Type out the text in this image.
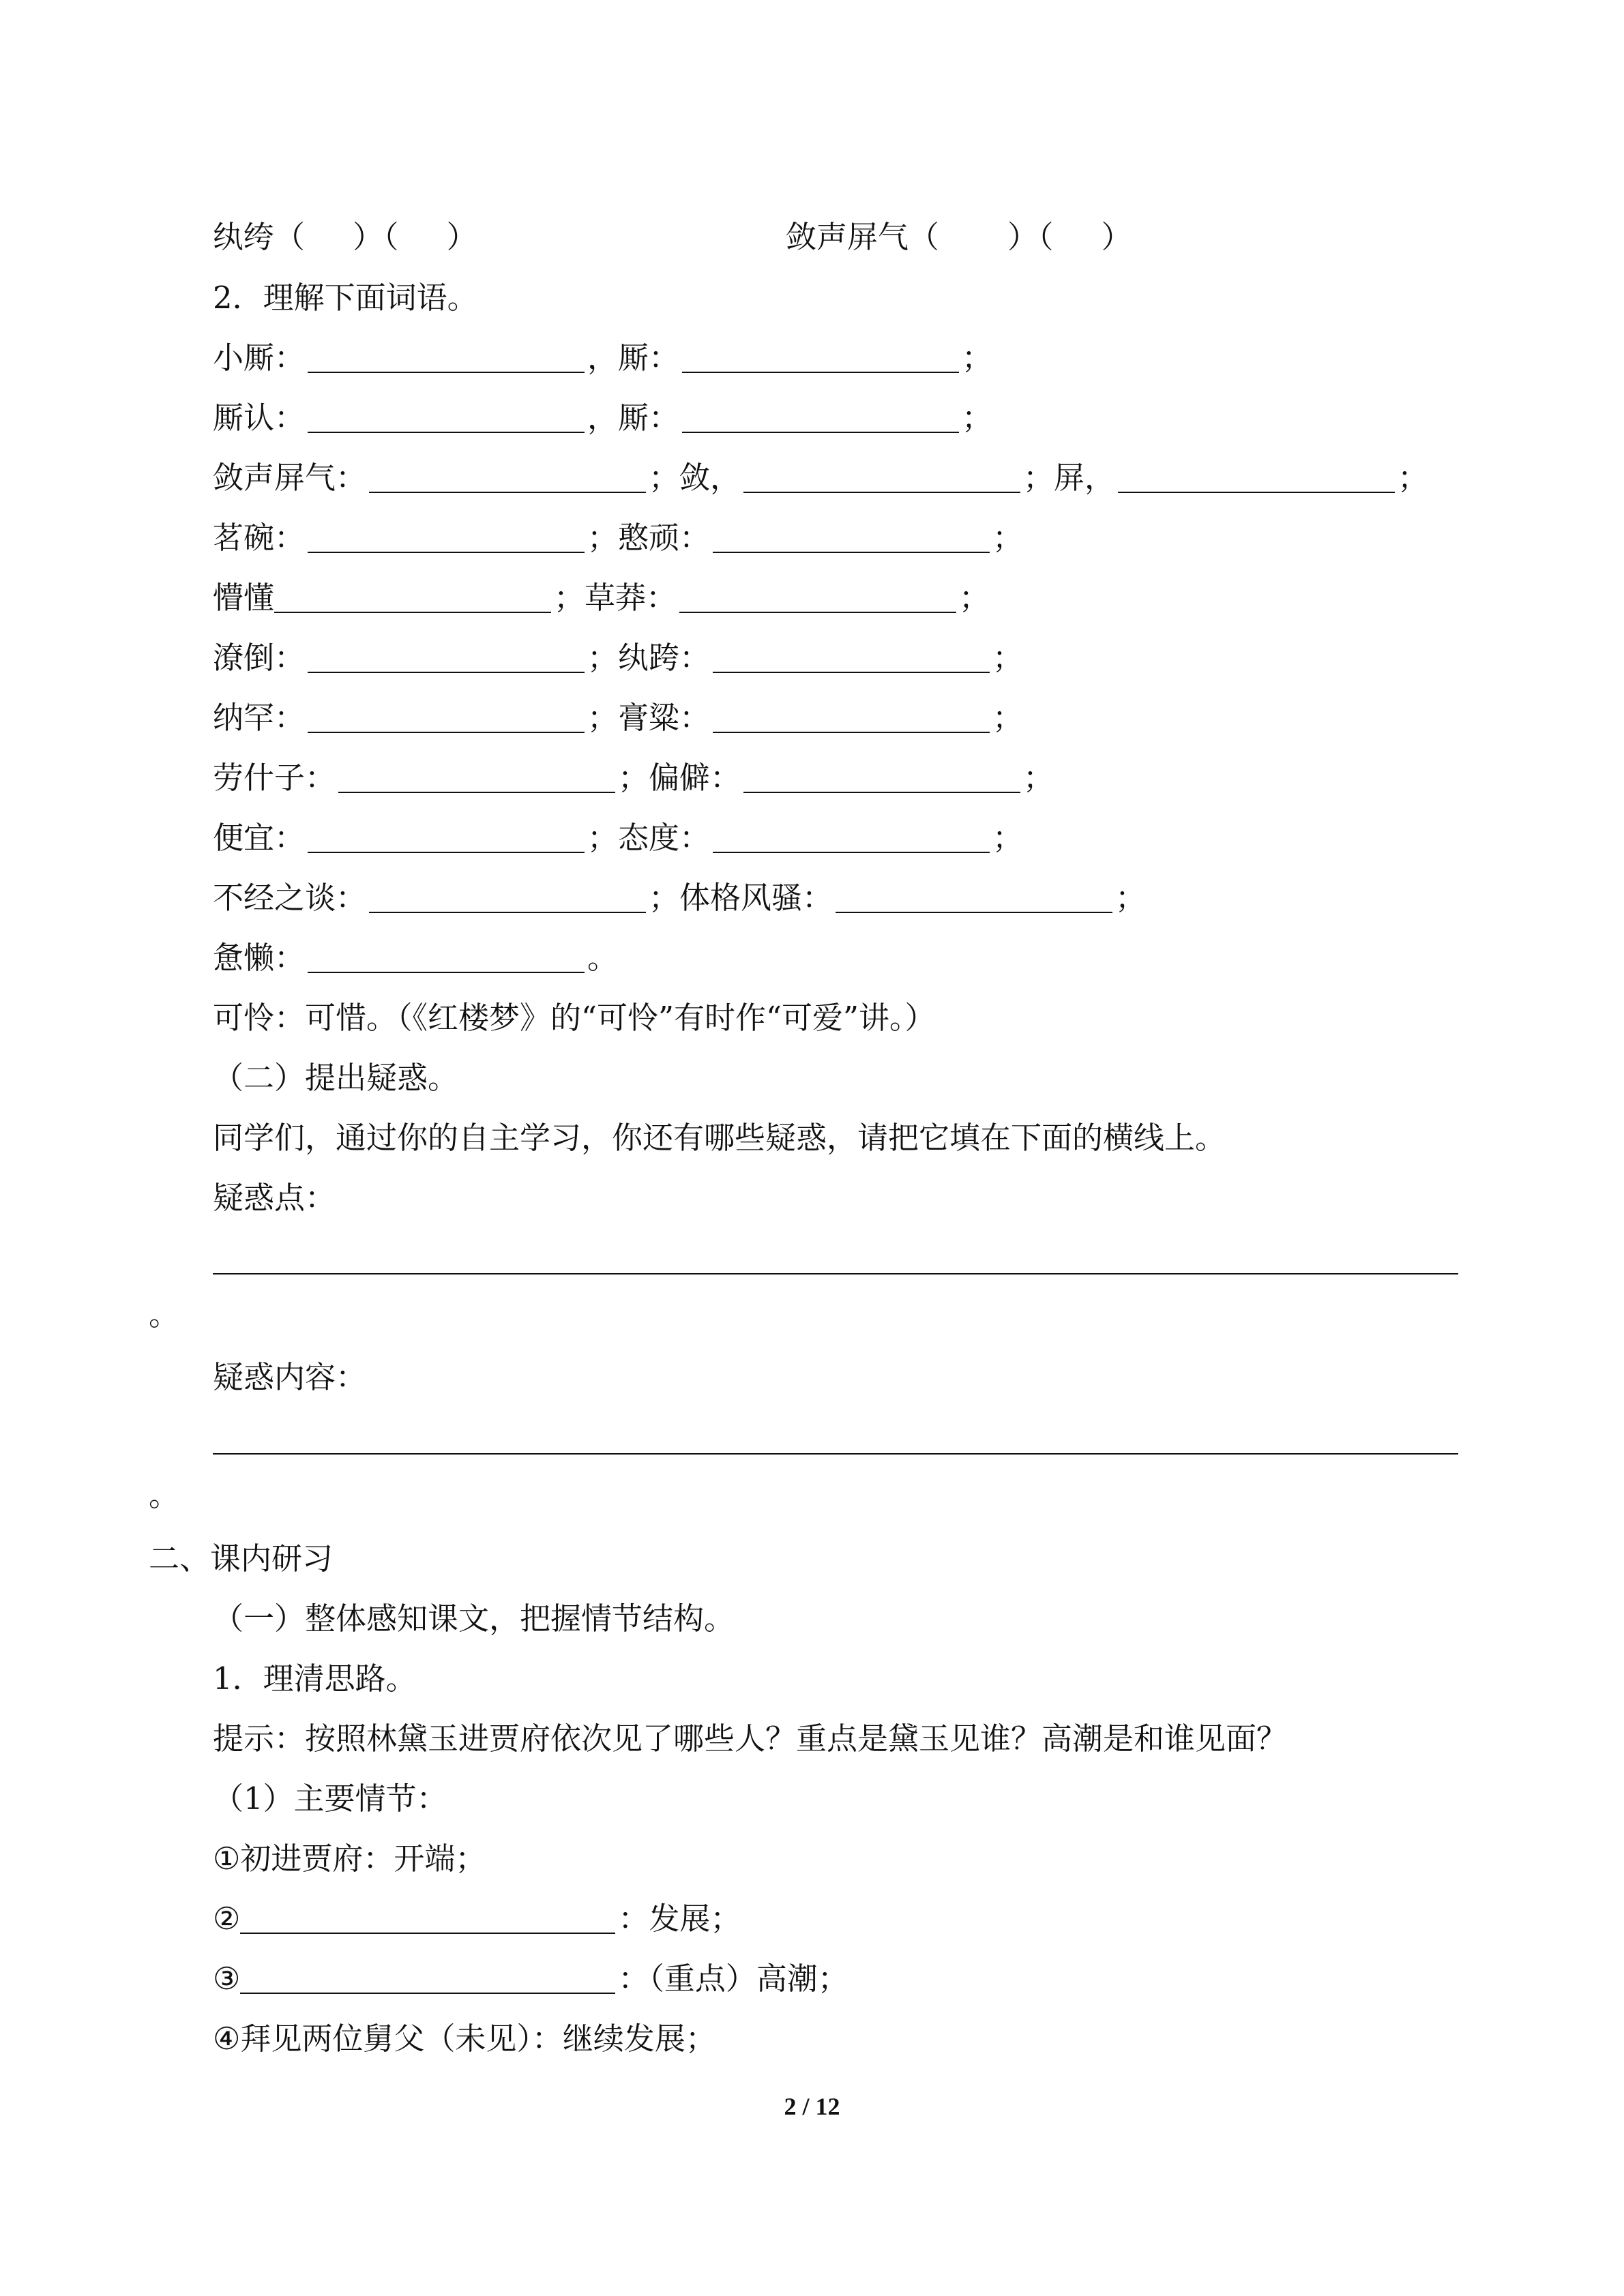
纨绔（ ）（ ）	敛声屏气（ ）（ ）
2．理解下面词语。
小厮：	，厮：	；
厮认：	，厮：	；
敛声屏气：	；敛，	；屏，	；
茗碗：	；憨顽：	；
懵懂	；草莽：	；
潦倒：	；纨跨：	；
纳罕：	；膏粱：	；
劳什子：	；偏僻：	；
便宜：	；态度：	；
不经之谈：	；体格风骚：	；
惫懒：	。
可怜：可惜。（《红楼梦》的“可怜”有时作“可爱”讲。）
（二）提出疑惑。
同学们，通过你的自主学习，你还有哪些疑惑，请把它填在下面的横线上。
疑惑点：
。
疑惑内容：
。
二、课内研习
（一）整体感知课文，把握情节结构。
1．理清思路。
提示：按照林黛玉进贾府依次见了哪些人？重点是黛玉见谁？高潮是和谁见面？
（1）主要情节：
① 初进贾府：开端；
②	：发展；
③	：（重点）高潮；
④ 拜见两位舅父（未见）：继续发展；
2 / 12
